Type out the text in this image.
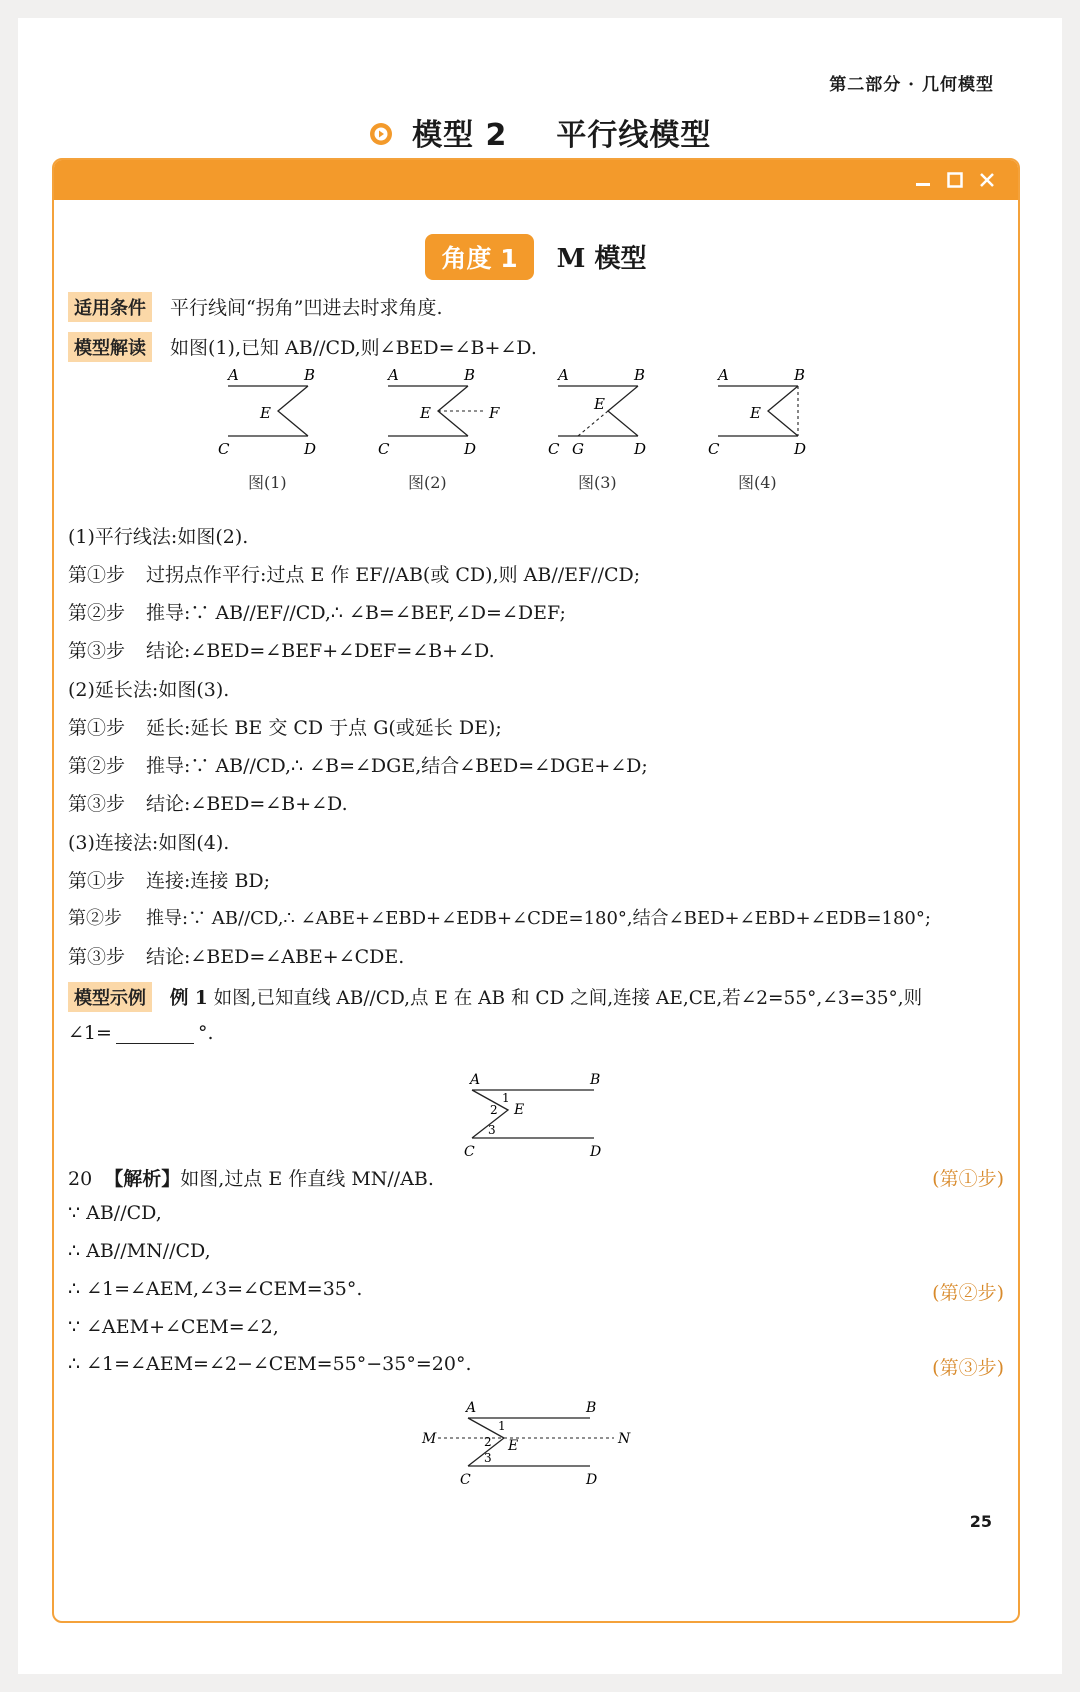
第二部分 · 几何模型
模型 2 平行线模型
角度 1 M 模型
适用条件 平行线间“拐角”凹进去时求角度.
模型解读 如图(1),已知 AB//CD,则∠BED=∠B+∠D.
A	B
E
C	D
图(1)
A	B
E	F
C	D
图(2)
A	B
E
C G	D
图(3)
A	B
E
C	D
图(4)
(1)平行线法:如图(2).
第①步 过拐点作平行:过点 E 作 EF//AB(或 CD),则 AB//EF//CD;
第②步 推导:∵ AB//EF//CD,∴ ∠B=∠BEF,∠D=∠DEF;
第③步 结论:∠BED=∠BEF+∠DEF=∠B+∠D.
(2)延长法:如图(3).
第①步 延长:延长 BE 交 CD 于点 G(或延长 DE);
第②步 推导:∵ AB//CD,∴ ∠B=∠DGE,结合∠BED=∠DGE+∠D;
第③步 结论:∠BED=∠B+∠D.
(3)连接法:如图(4).
第①步 连接:连接 BD;
第②步 推导:∵ AB//CD,∴ ∠ABE+∠EBD+∠EDB+∠CDE=180°,结合∠BED+∠EBD+∠EDB=180°;
第③步 结论:∠BED=∠ABE+∠CDE.
模型示例 例 1 如图,已知直线 AB//CD,点 E 在 AB 和 CD 之间,连接 AE,CE,若∠2=55°,∠3=35°,则
∠1=	°.
A	B
E
C	D
1
2
3
20 【解析】如图,过点 E 作直线 MN//AB.	(第①步)
∵ AB//CD,
∴ AB//MN//CD,
∴ ∠1=∠AEM,∠3=∠CEM=35°.	(第②步)
∵ ∠AEM+∠CEM=∠2,
∴ ∠1=∠AEM=∠2−∠CEM=55°−35°=20°.	(第③步)
A	B
M	N
E
C	D
1
2
3
25
